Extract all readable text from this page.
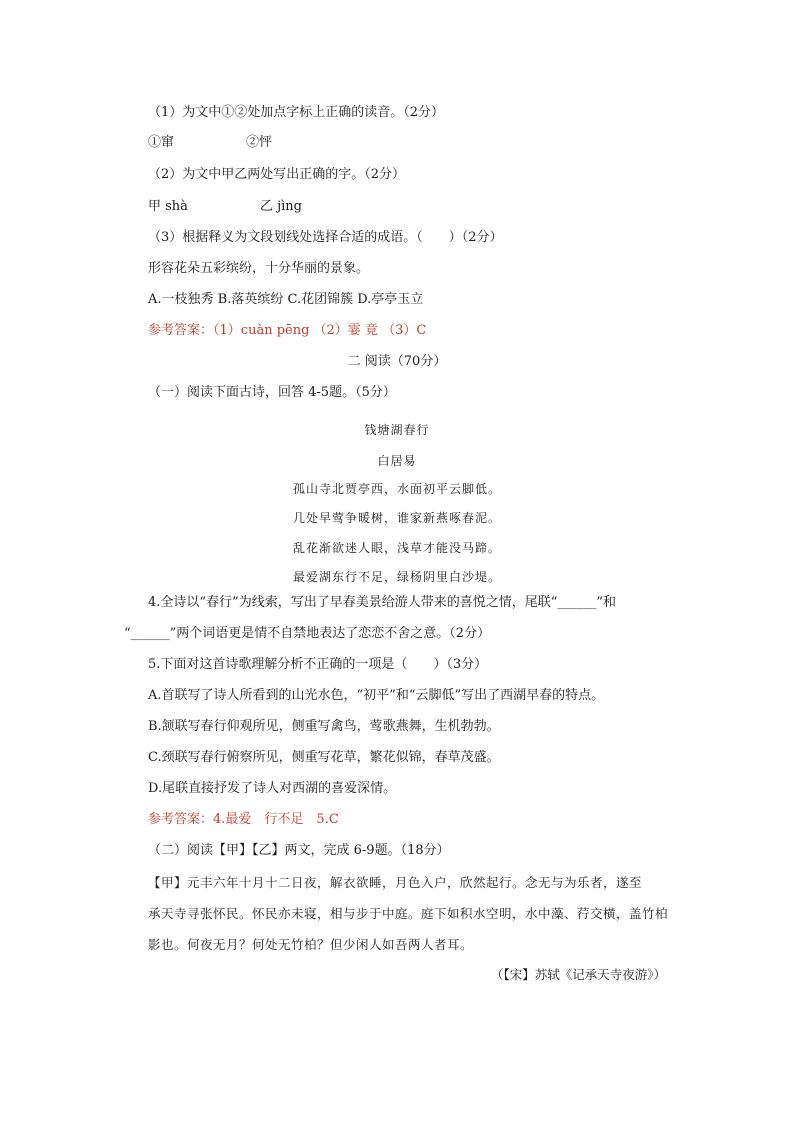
（1）为文中①②处加点字标上正确的读音。（2分）
①窜	②怦
（2）为文中甲乙两处写出正确的字。（2分）
甲 shà	乙 jìng
（3）根据释义为文段划线处选择合适的成语。（　　）（2分）
形容花朵五彩缤纷，十分华丽的景象。
A.一枝独秀 B.落英缤纷 C.花团锦簇 D.亭亭玉立
参考答案：（1）cuàn pēng （2）霎 竟 （3）C
二 阅读（70分）
（一）阅读下面古诗，回答 4-5题。（5分）
钱塘湖春行
白居易
孤山寺北贾亭西，水面初平云脚低。
几处早莺争暖树，谁家新燕啄春泥。
乱花渐欲迷人眼，浅草才能没马蹄。
最爱湖东行不足，绿杨阴里白沙堤。
4.全诗以“春行”为线索，写出了早春美景给游人带来的喜悦之情，尾联“______”和
“______”两个词语更是情不自禁地表达了恋恋不舍之意。（2分）
5.下面对这首诗歌理解分析不正确的一项是（　　）（3分）
A.首联写了诗人所看到的山光水色，“初平”和“云脚低”写出了西湖早春的特点。
B.颔联写春行仰观所见，侧重写禽鸟，莺歌燕舞，生机勃勃。
C.颈联写春行俯察所见，侧重写花草，繁花似锦，春草茂盛。
D.尾联直接抒发了诗人对西湖的喜爱深情。
参考答案：4.最爱　行不足　5.C
（二）阅读【甲】【乙】两文，完成 6-9题。（18分）
【甲】元丰六年十月十二日夜，解衣欲睡，月色入户，欣然起行。念无与为乐者，遂至
承天寺寻张怀民。怀民亦未寝，相与步于中庭。庭下如积水空明，水中藻、荇交横，盖竹柏
影也。何夜无月？何处无竹柏？但少闲人如吾两人者耳。
（【宋】苏轼《记承天寺夜游》）
